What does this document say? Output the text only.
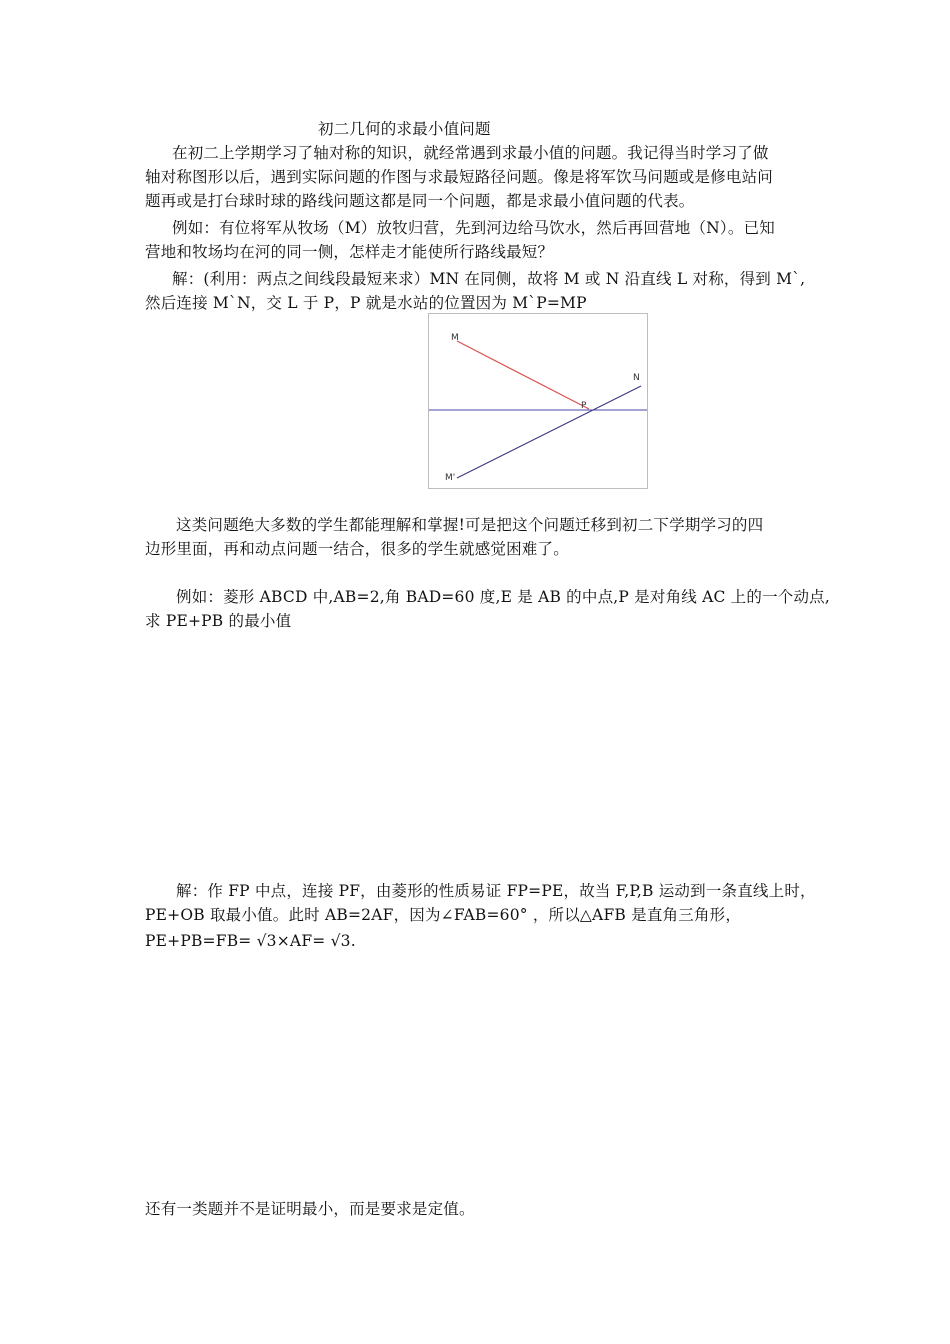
初二几何的求最小值问题
在初二上学期学习了轴对称的知识，就经常遇到求最小值的问题。我记得当时学习了做
轴对称图形以后，遇到实际问题的作图与求最短路径问题。像是将军饮马问题或是修电站问
题再或是打台球时球的路线问题这都是同一个问题，都是求最小值问题的代表。
例如：有位将军从牧场（M）放牧归营，先到河边给马饮水，然后再回营地（N）。已知
营地和牧场均在河的同一侧，怎样走才能使所行路线最短？
解：(利用：两点之间线段最短来求）MN 在同侧，故将 M 或 N 沿直线 L 对称，得到 M`,
然后连接 M`N，交 L 于 P，P 就是水站的位置因为 M`P=MP
M
N
P
M'
这类问题绝大多数的学生都能理解和掌握!可是把这个问题迁移到初二下学期学习的四
边形里面，再和动点问题一结合，很多的学生就感觉困难了。
例如：菱形 ABCD 中,AB=2,角 BAD=60 度,E 是 AB 的中点,P 是对角线 AC 上的一个动点,
求 PE+PB 的最小值
解：作 FP 中点，连接 PF，由菱形的性质易证 FP=PE，故当 F,P,B 运动到一条直线上时，
PE+OB 取最小值。此时 AB=2AF，因为∠FAB=60° ，所以△AFB 是直角三角形，
PE+PB=FB= √3×AF= √3.
还有一类题并不是证明最小，而是要求是定值。
